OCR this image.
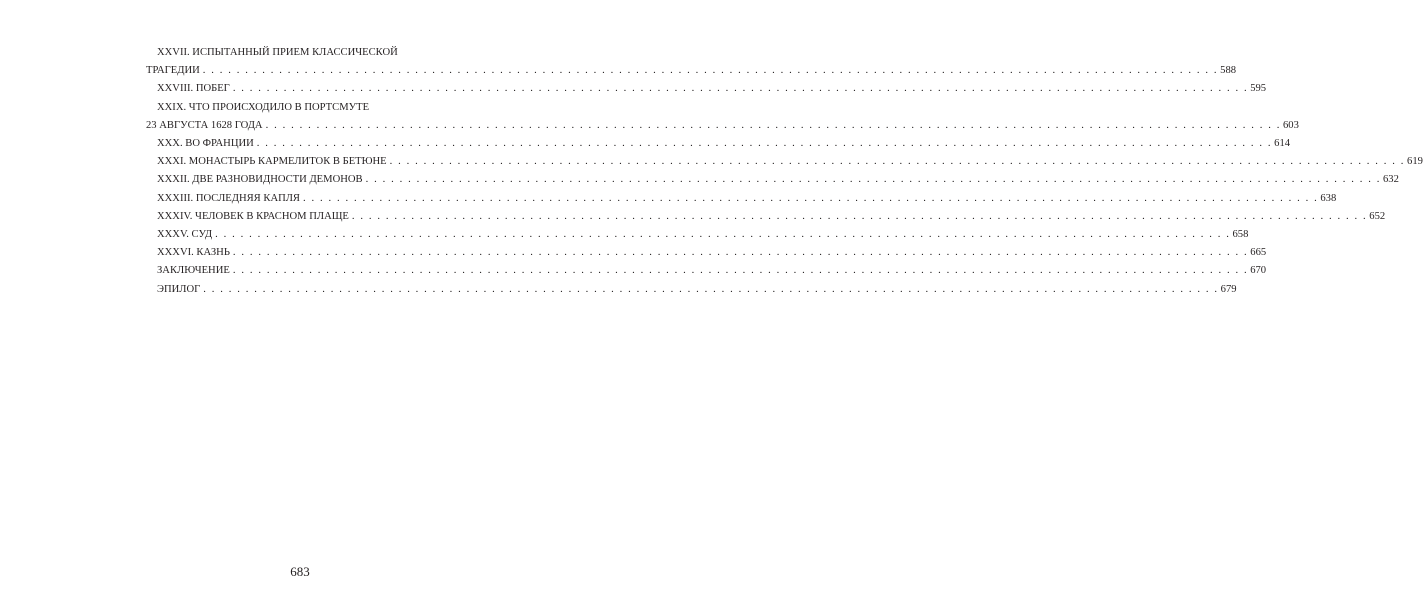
XXVII. ИСПЫТАННЫЙ ПРИЕМ КЛАССИЧЕСКОЙ
ТРАГЕДИИ . . . . . . . . . . . . . . . . . . . . . . . . . . . . . . . . . . . . . . . . . . . . . . . . . . . . . . . . . . . . . . . . . . . . . . . . . . . . . . . . . . . . . . . . . . . . . . . . . . . . . . . . . . . . . . . . . . . . . . . . 588
XXVIII. ПОБЕГ . . . . . . . . . . . . . . . . . . . . . . . . . . . . . . . . . . . . . . . . . . . . . . . . . . . . . . . . . . . . . . . . . . . . . . . . . . . . . . . . . . . . . . . . . . . . . . . . . . . . . . . . . . . . . . . . . . . . . . . . 595
XXIX. ЧТО ПРОИСХОДИЛО В ПОРТСМУТЕ
23 АВГУСТА 1628 ГОДА . . . . . . . . . . . . . . . . . . . . . . . . . . . . . . . . . . . . . . . . . . . . . . . . . . . . . . . . . . . . . . . . . . . . . . . . . . . . . . . . . . . . . . . . . . . . . . . . . . . . . . . . . . . . . . . . . . . . . . . . 603
XXX. ВО ФРАНЦИИ . . . . . . . . . . . . . . . . . . . . . . . . . . . . . . . . . . . . . . . . . . . . . . . . . . . . . . . . . . . . . . . . . . . . . . . . . . . . . . . . . . . . . . . . . . . . . . . . . . . . . . . . . . . . . . . . . . . . . . . . 614
XXXI. МОНАСТЫРЬ КАРМЕЛИТОК В БЕТЮНЕ . . . . . . . . . . . . . . . . . . . . . . . . . . . . . . . . . . . . . . . . . . . . . . . . . . . . . . . . . . . . . . . . . . . . . . . . . . . . . . . . . . . . . . . . . . . . . . . . . . . . . . . . . . . . . . . . . . . . . . . . 619
XXXII. ДВЕ РАЗНОВИДНОСТИ ДЕМОНОВ . . . . . . . . . . . . . . . . . . . . . . . . . . . . . . . . . . . . . . . . . . . . . . . . . . . . . . . . . . . . . . . . . . . . . . . . . . . . . . . . . . . . . . . . . . . . . . . . . . . . . . . . . . . . . . . . . . . . . . . . 632
XXXIII. ПОСЛЕДНЯЯ КАПЛЯ . . . . . . . . . . . . . . . . . . . . . . . . . . . . . . . . . . . . . . . . . . . . . . . . . . . . . . . . . . . . . . . . . . . . . . . . . . . . . . . . . . . . . . . . . . . . . . . . . . . . . . . . . . . . . . . . . . . . . . . . 638
XXXIV. ЧЕЛОВЕК В КРАСНОМ ПЛАЩЕ . . . . . . . . . . . . . . . . . . . . . . . . . . . . . . . . . . . . . . . . . . . . . . . . . . . . . . . . . . . . . . . . . . . . . . . . . . . . . . . . . . . . . . . . . . . . . . . . . . . . . . . . . . . . . . . . . . . . . . . . 652
XXXV. СУД . . . . . . . . . . . . . . . . . . . . . . . . . . . . . . . . . . . . . . . . . . . . . . . . . . . . . . . . . . . . . . . . . . . . . . . . . . . . . . . . . . . . . . . . . . . . . . . . . . . . . . . . . . . . . . . . . . . . . . . . 658
XXXVI. КАЗНЬ . . . . . . . . . . . . . . . . . . . . . . . . . . . . . . . . . . . . . . . . . . . . . . . . . . . . . . . . . . . . . . . . . . . . . . . . . . . . . . . . . . . . . . . . . . . . . . . . . . . . . . . . . . . . . . . . . . . . . . . . 665
ЗАКЛЮЧЕНИЕ . . . . . . . . . . . . . . . . . . . . . . . . . . . . . . . . . . . . . . . . . . . . . . . . . . . . . . . . . . . . . . . . . . . . . . . . . . . . . . . . . . . . . . . . . . . . . . . . . . . . . . . . . . . . . . . . . . . . . . . . 670
ЭПИЛОГ . . . . . . . . . . . . . . . . . . . . . . . . . . . . . . . . . . . . . . . . . . . . . . . . . . . . . . . . . . . . . . . . . . . . . . . . . . . . . . . . . . . . . . . . . . . . . . . . . . . . . . . . . . . . . . . . . . . . . . . . 679
683
